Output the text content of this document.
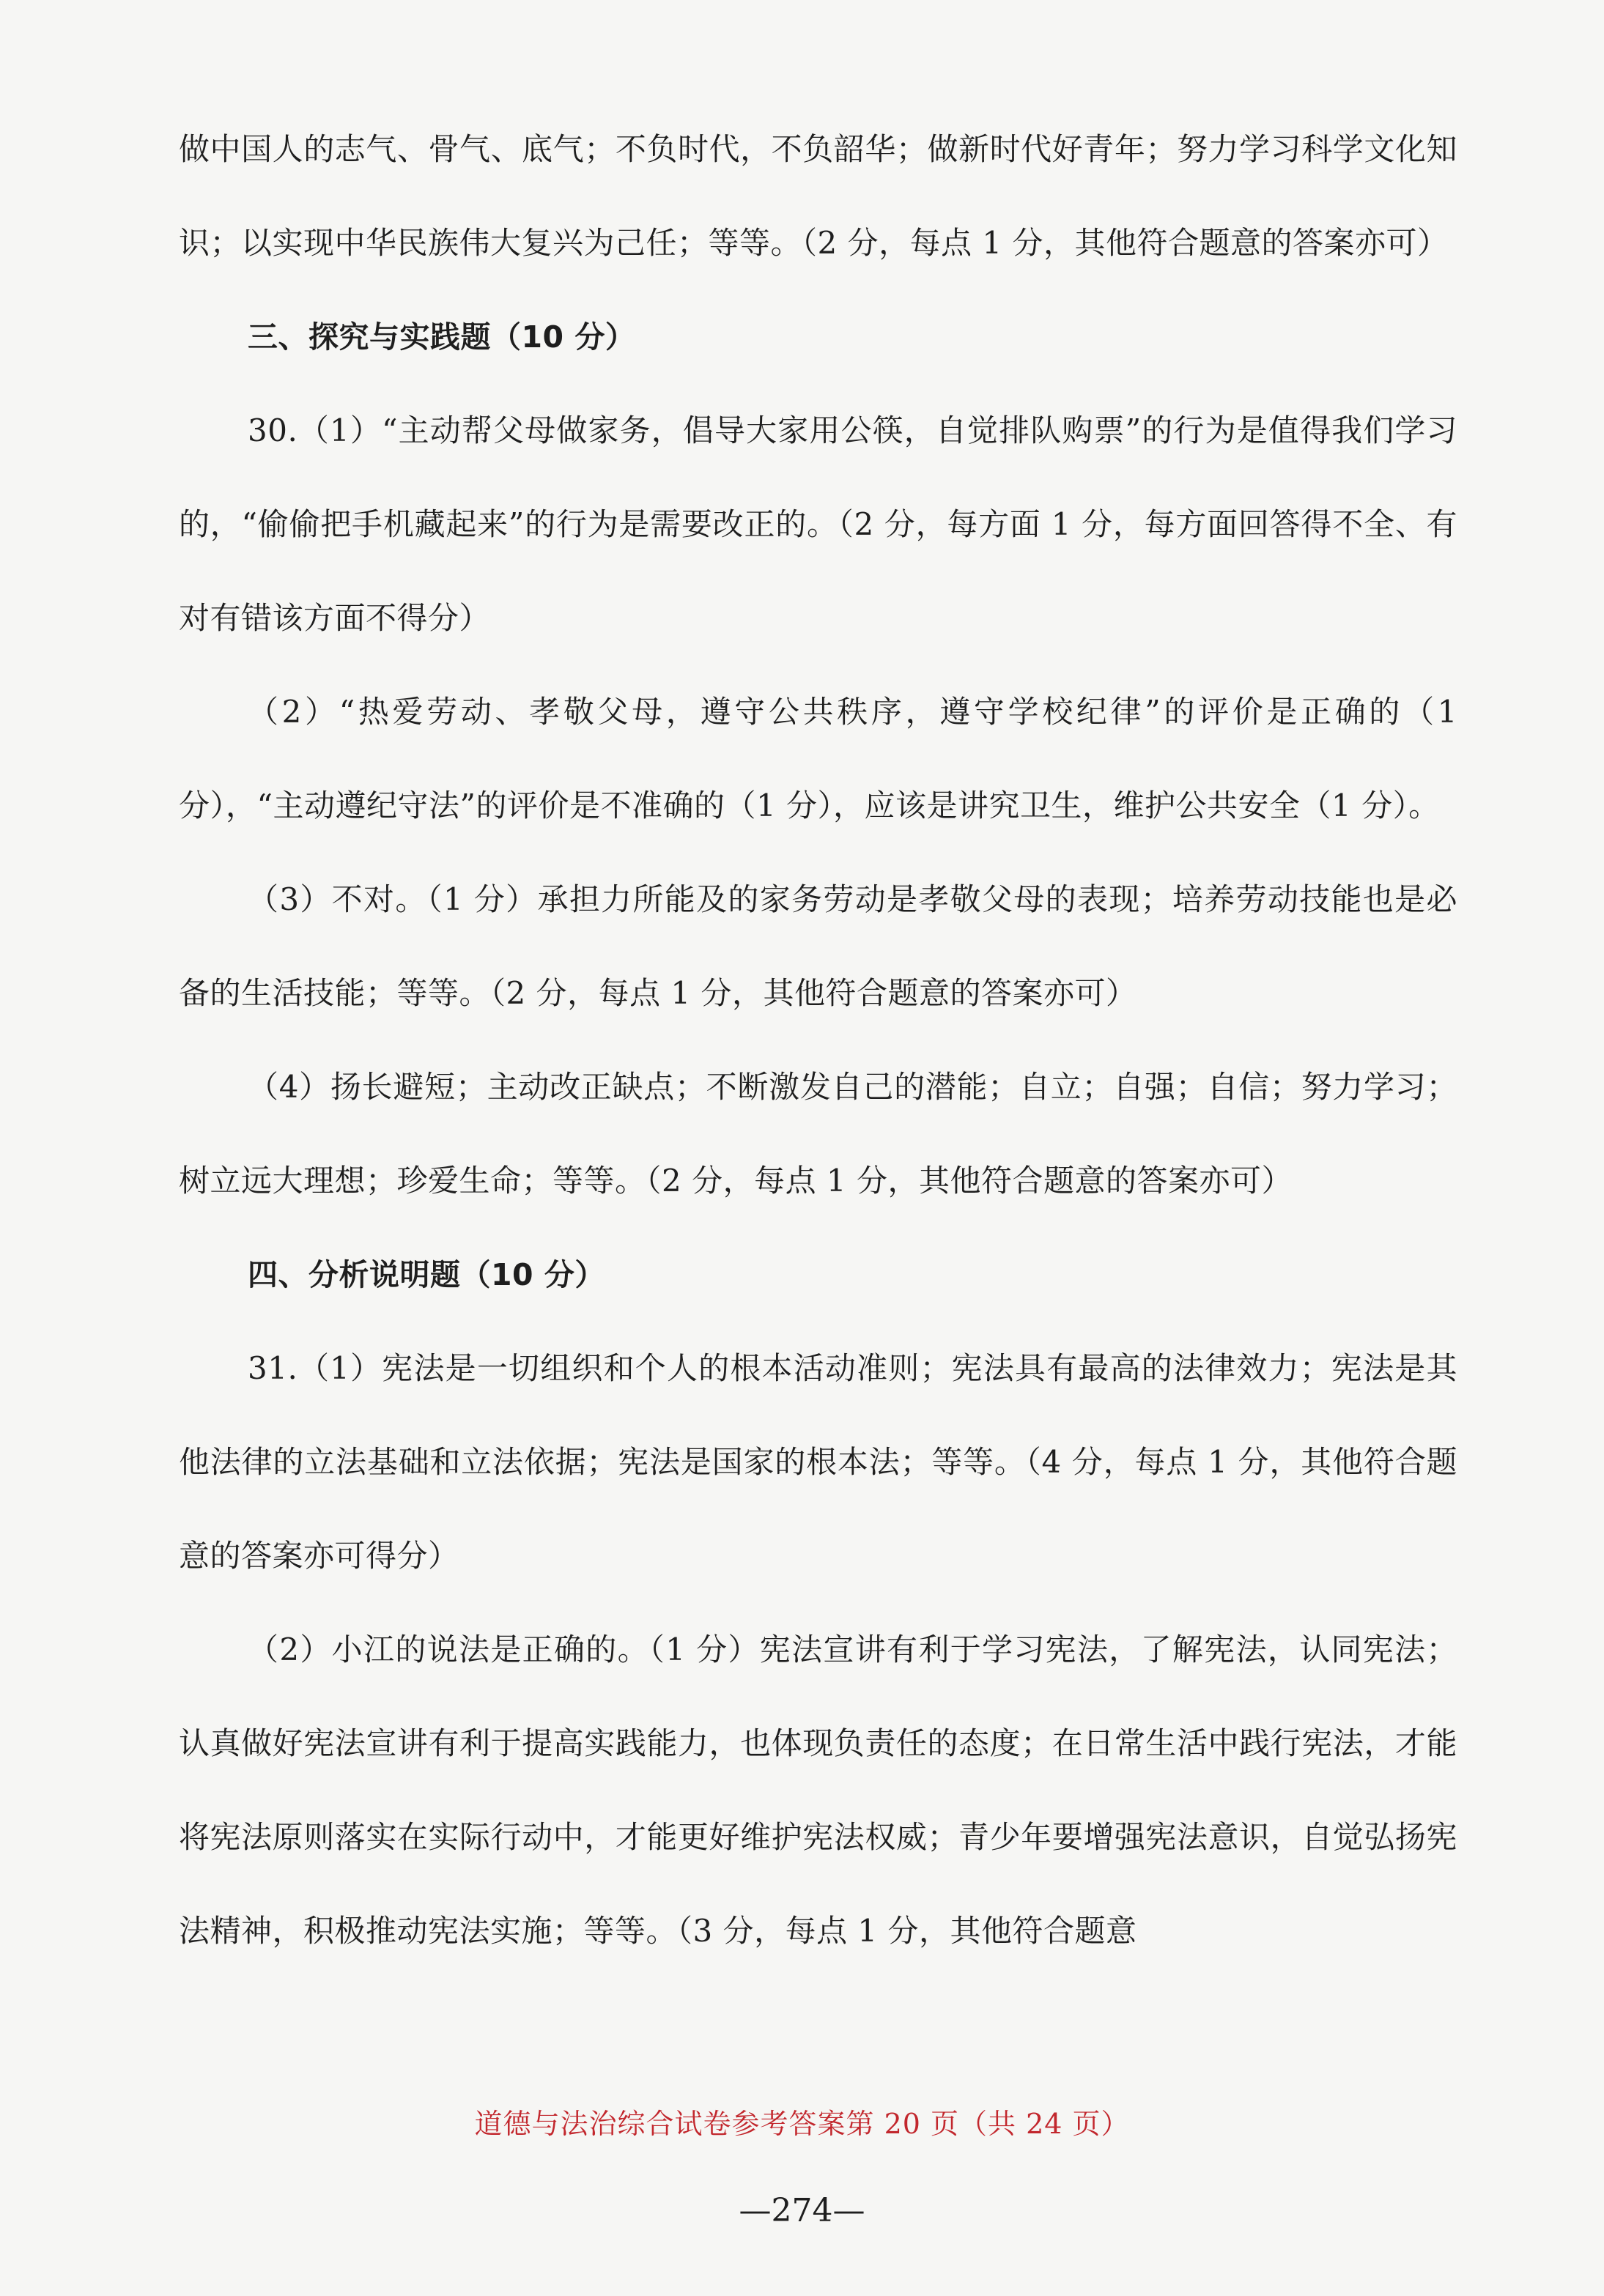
做中国人的志气、骨气、底气；不负时代，不负韶华；做新时代好青年；努力学习科学文化知识；以实现中华民族伟大复兴为己任；等等。（2 分，每点 1 分，其他符合题意的答案亦可）

三、探究与实践题（10 分）

30.（1）“主动帮父母做家务，倡导大家用公筷，自觉排队购票”的行为是值得我们学习的，“偷偷把手机藏起来”的行为是需要改正的。（2 分，每方面 1 分，每方面回答得不全、有对有错该方面不得分）

（2）“热爱劳动、孝敬父母，遵守公共秩序，遵守学校纪律”的评价是正确的（1 分），“主动遵纪守法”的评价是不准确的（1 分），应该是讲究卫生，维护公共安全（1 分）。

（3）不对。（1 分）承担力所能及的家务劳动是孝敬父母的表现；培养劳动技能也是必备的生活技能；等等。（2 分，每点 1 分，其他符合题意的答案亦可）

（4）扬长避短；主动改正缺点；不断激发自己的潜能；自立；自强；自信；努力学习；树立远大理想；珍爱生命；等等。（2 分，每点 1 分，其他符合题意的答案亦可）

四、分析说明题（10 分）

31.（1）宪法是一切组织和个人的根本活动准则；宪法具有最高的法律效力；宪法是其他法律的立法基础和立法依据；宪法是国家的根本法；等等。（4 分，每点 1 分，其他符合题意的答案亦可得分）

（2）小江的说法是正确的。（1 分）宪法宣讲有利于学习宪法，了解宪法，认同宪法；认真做好宪法宣讲有利于提高实践能力，也体现负责任的态度；在日常生活中践行宪法，才能将宪法原则落实在实际行动中，才能更好维护宪法权威；青少年要增强宪法意识，自觉弘扬宪法精神，积极推动宪法实施；等等。（3 分，每点 1 分，其他符合题意

道德与法治综合试卷参考答案第 20 页（共 24 页）
—274—
